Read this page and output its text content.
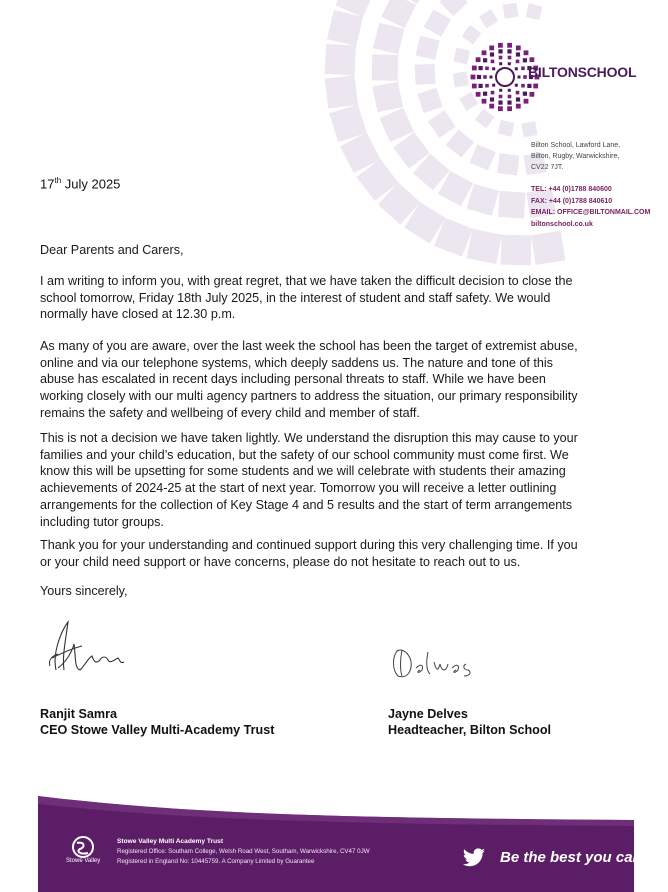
BILTONSCHOOL
Bilton School, Lawford Lane,
Bilton, Rugby, Warwickshire,
CV22 7JT.
TEL: +44 (0)1788 840600
FAX: +44 (0)1788 840610
EMAIL: OFFICE@BILTONMAIL.COM
biltonschool.co.uk
17th July 2025
Dear Parents and Carers,

I am writing to inform you, with great regret, that we have taken the difficult decision to close the school tomorrow, Friday 18th July 2025, in the interest of student and staff safety. We would normally have closed at 12.30 p.m.

As many of you are aware, over the last week the school has been the target of extremist abuse, online and via our telephone systems, which deeply saddens us. The nature and tone of this abuse has escalated in recent days including personal threats to staff. While we have been working closely with our multi agency partners to address the situation, our primary responsibility remains the safety and wellbeing of every child and member of staff.

This is not a decision we have taken lightly. We understand the disruption this may cause to your families and your child’s education, but the safety of our school community must come first. We know this will be upsetting for some students and we will celebrate with students their amazing achievements of 2024-25 at the start of next year. Tomorrow you will receive a letter outlining arrangements for the collection of Key Stage 4 and 5 results and the start of term arrangements including tutor groups.

Thank you for your understanding and continued support during this very challenging time. If you or your child need support or have concerns, please do not hesitate to reach out to us.

Yours sincerely,
Ranjit Samra
CEO Stowe Valley Multi-Academy Trust
Jayne Delves
Headteacher, Bilton School
Stowe Valley
Stowe Valley Multi Academy Trust
Registered Office: Southam College, Welsh Road West, Southam, Warwickshire, CV47 0JW
Registered in England No: 10445759. A Company Limited by Guarantee	Be the best you can be!
